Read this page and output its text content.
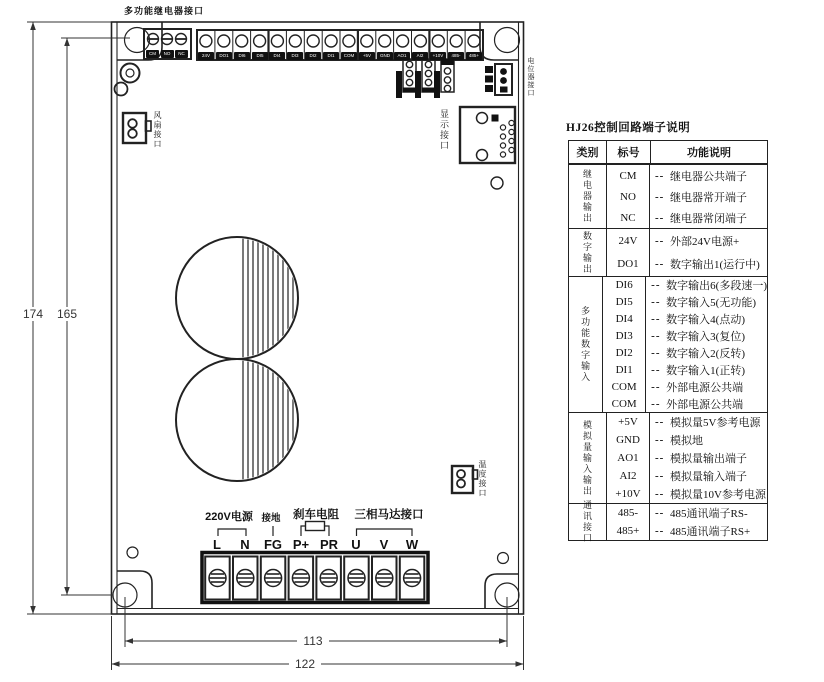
多功能继电器接口
CM	NO	NC	24V	DO1	DI6	DI5	DI4	DI3	DI2	DI1	COM	+5V	GND	AO1	AI2	+10V	485-	485+
风扇接口	显示接口
电位器接口
温度接口
220V电源 接地	刹车电阻	三相马达接口
L	N	FG P+ PR	U	V	W
174	165
113
122
HJ26控制回路端子说明
类别	标号	功能说明
继电器输出
CM	-- 继电器公共端子
NO	-- 继电器常开端子
NC	-- 继电器常闭端子
数字输出
24V	-- 外部24V电源+
DO1	-- 数字输出1(运行中)
多功能数字输入
DI6	-- 数字输出6(多段速一)
DI5	-- 数字输入5(无功能)
DI4	-- 数字输入4(点动)
DI3	-- 数字输入3(复位)
DI2	-- 数字输入2(反转)
DI1	-- 数字输入1(正转)
COM	-- 外部电源公共端
COM	-- 外部电源公共端
模拟量输入输出
+5V	-- 模拟量5V参考电源
GND	-- 模拟地
AO1	-- 模拟量输出端子
AI2	-- 模拟量输入端子
+10V	-- 模拟量10V参考电源
通讯接口
485-	-- 485通讯端子RS-
485+	-- 485通讯端子RS+
